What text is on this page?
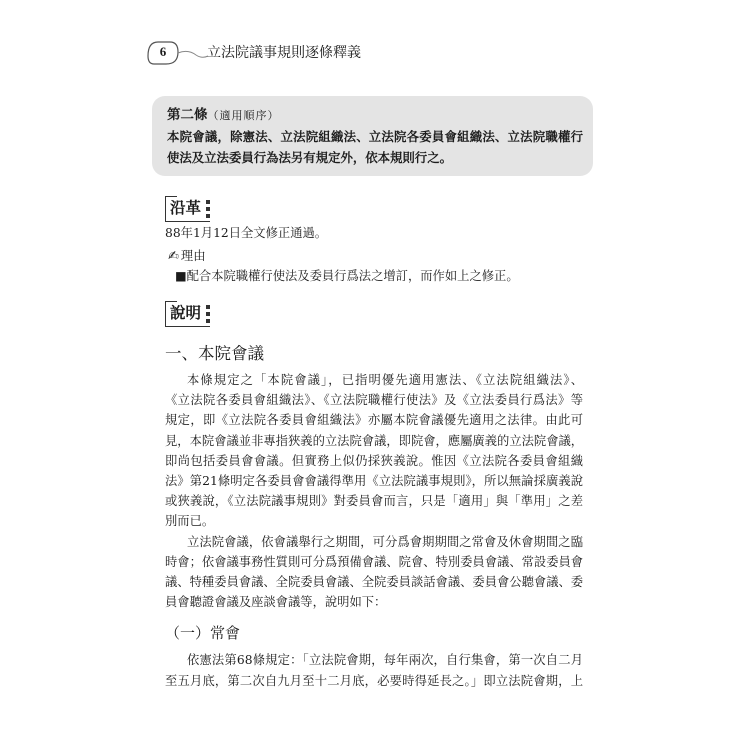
6	立法院議事規則逐條釋義
第二條（適用順序）
本院會議，除憲法、立法院組織法、立法院各委員會組織法、立法院職權行
使法及立法委員行為法另有規定外，依本規則行之。
沿革
88年1月12日全文修正通過。
✍ 理由
■配合本院職權行使法及委員行爲法之增訂，而作如上之修正。
說明
一、本院會議
本條規定之「本院會議」，已指明優先適用憲法、《立法院組織法》、
《立法院各委員會組織法》、《立法院職權行使法》及《立法委員行爲法》等
規定，即《立法院各委員會組織法》亦屬本院會議優先適用之法律。由此可
見，本院會議並非專指狹義的立法院會議，即院會，應屬廣義的立法院會議，
即尚包括委員會會議。但實務上似仍採狹義說。惟因《立法院各委員會組織
法》第21條明定各委員會會議得準用《立法院議事規則》，所以無論採廣義說
或狹義說，《立法院議事規則》對委員會而言，只是「適用」與「準用」之差
別而已。
立法院會議，依會議舉行之期間，可分爲會期期間之常會及休會期間之臨
時會；依會議事務性質則可分爲預備會議、院會、特別委員會議、常設委員會
議、特種委員會議、全院委員會議、全院委員談話會議、委員會公聽會議、委
員會聽證會議及座談會議等，說明如下：
（一）常會
依憲法第68條規定：「立法院會期，每年兩次，自行集會，第一次自二月
至五月底，第二次自九月至十二月底，必要時得延長之。」即立法院會期，上
